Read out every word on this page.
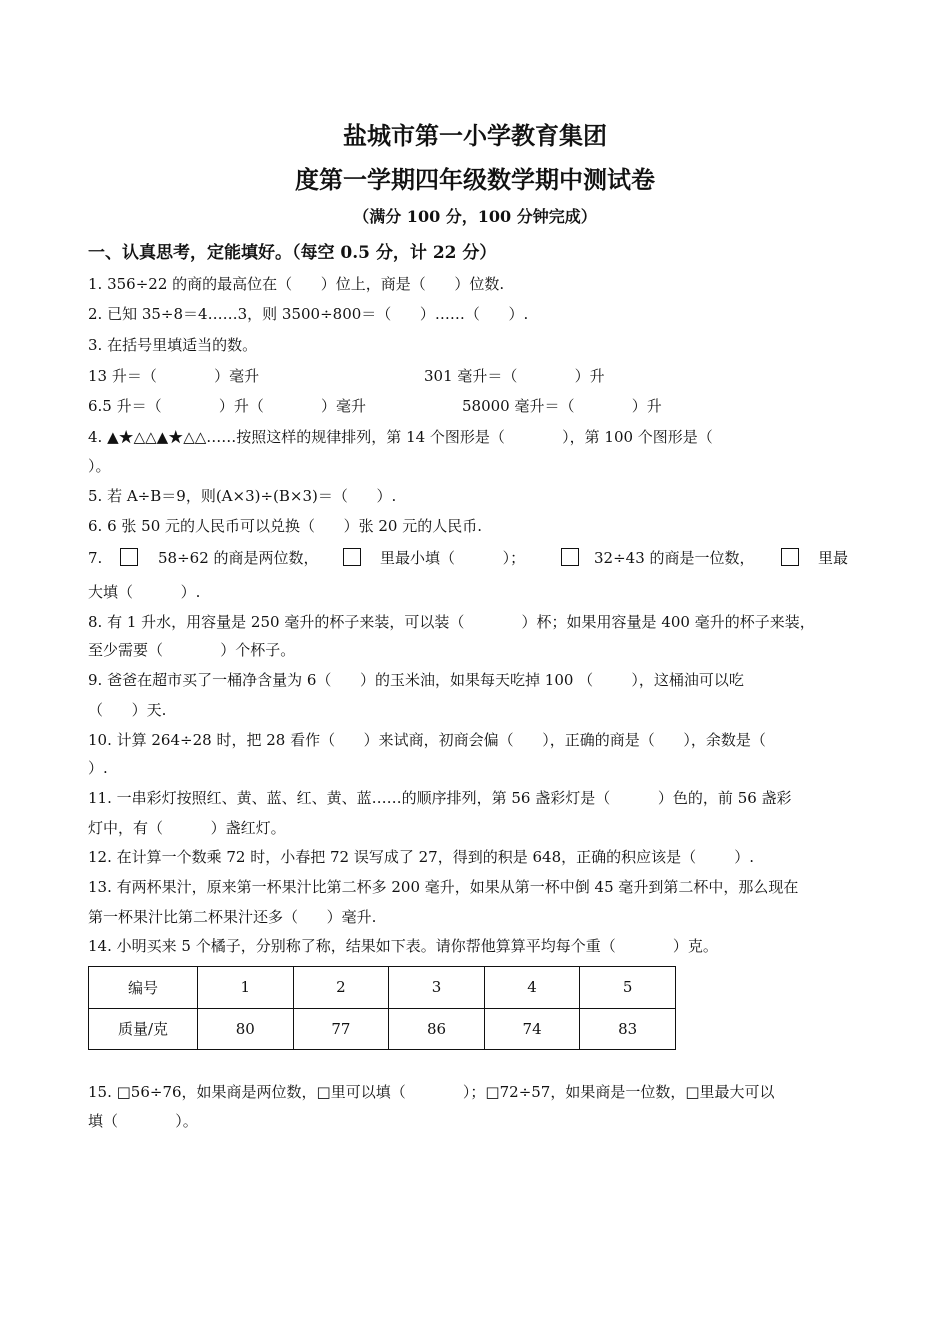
盐城市第一小学教育集团
度第一学期四年级数学期中测试卷
（满分 100 分，100 分钟完成）
一、认真思考，定能填好。（每空 0.5 分，计 22 分）
1. 356÷22 的商的最高位在（      ）位上，商是（      ）位数.
2. 已知 35÷8＝4……3，则 3500÷800＝（      ）……（      ）.
3. 在括号里填适当的数。
13 升＝（            ）毫升	301 毫升＝（            ）升
6.5 升＝（            ）升（            ）毫升	58000 毫升＝（            ）升
4. ▲★△△▲★△△……按照这样的规律排列，第 14 个图形是（            ），第 100 个图形是（
）。
5. 若 A÷B＝9，则(A×3)÷(B×3)＝（      ）.
6. 6 张 50 元的人民币可以兑换（      ）张 20 元的人民币.
7.	58÷62 的商是两位数，	里最小填（          ）；	32÷43 的商是一位数，	里最
大填（          ）.
8. 有 1 升水，用容量是 250 毫升的杯子来装，可以装（            ）杯；如果用容量是 400 毫升的杯子来装，
至少需要（            ）个杯子。
9. 爸爸在超市买了一桶净含量为 6（      ）的玉米油，如果每天吃掉 100 （        ），这桶油可以吃
（      ）天.
10. 计算 264÷28 时，把 28 看作（      ）来试商，初商会偏（      ），正确的商是（      ），余数是（
）.
11. 一串彩灯按照红、黄、蓝、红、黄、蓝……的顺序排列，第 56 盏彩灯是（          ）色的，前 56 盏彩
灯中，有（          ）盏红灯。
12. 在计算一个数乘 72 时，小春把 72 误写成了 27，得到的积是 648，正确的积应该是（        ）.
13. 有两杯果汁，原来第一杯果汁比第二杯多 200 毫升，如果从第一杯中倒 45 毫升到第二杯中，那么现在
第一杯果汁比第二杯果汁还多（      ）毫升.
14. 小明买来 5 个橘子，分别称了称，结果如下表。请你帮他算算平均每个重（            ）克。
编号	1	2	3	4	5
质量/克	80	77	86	74	83
15. □56÷76，如果商是两位数，□里可以填（            ）；□72÷57，如果商是一位数，□里最大可以
填（            ）。
